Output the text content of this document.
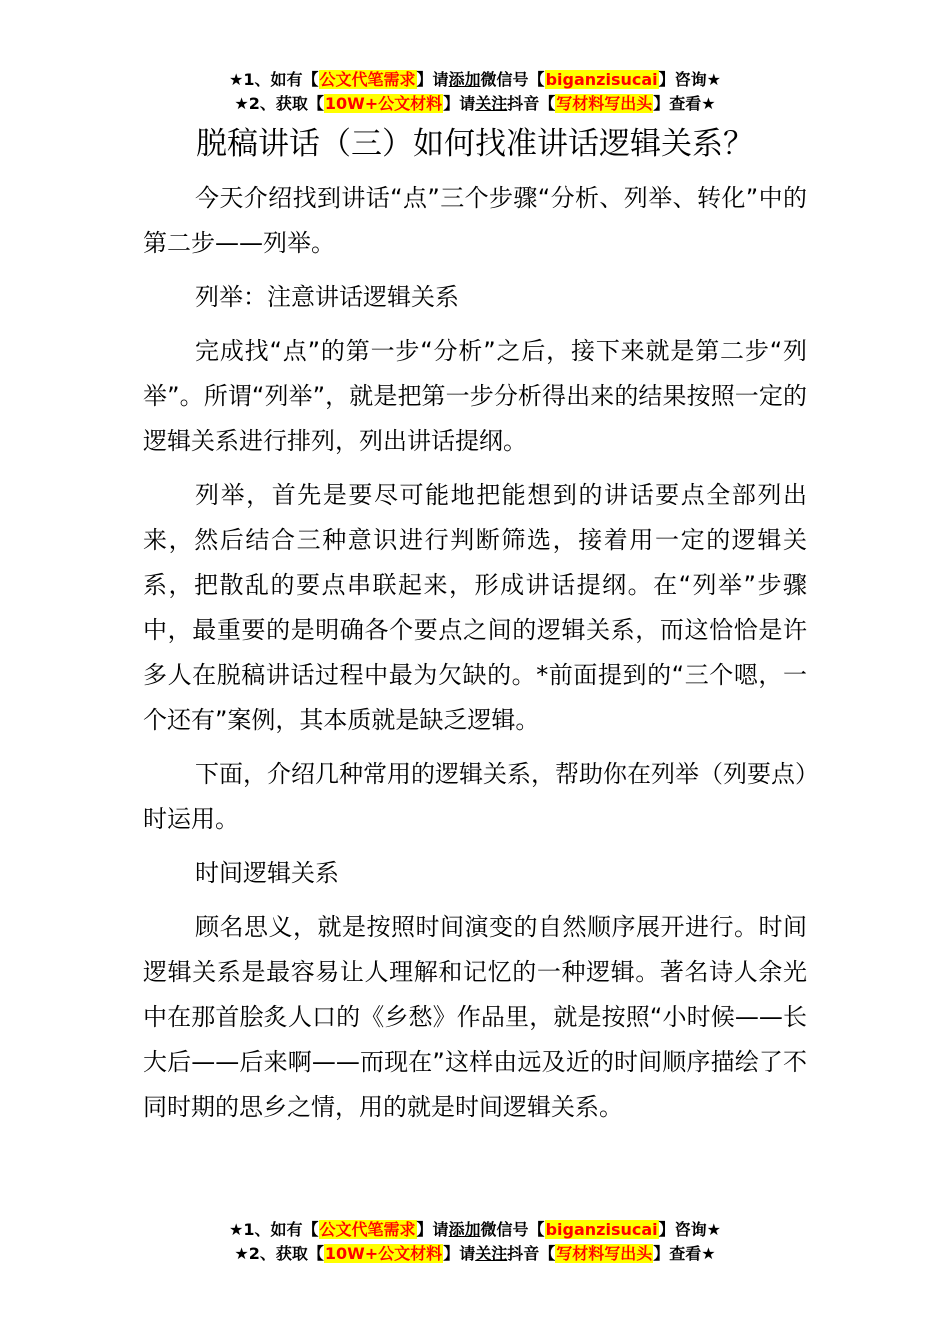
★1、如有【公文代笔需求】请添加微信号【biganzisucai】咨询★
★2、获取【10W+公文材料】请关注抖音【写材料写出头】查看★
脱稿讲话（三）如何找准讲话逻辑关系？

今天介绍找到讲话“点”三个步骤“分析、列举、转化”中的第二步——列举。

列举：注意讲话逻辑关系

完成找“点”的第一步“分析”之后，接下来就是第二步“列举”。所谓“列举”，就是把第一步分析得出来的结果按照一定的逻辑关系进行排列，列出讲话提纲。

列举，首先是要尽可能地把能想到的讲话要点全部列出来，然后结合三种意识进行判断筛选，接着用一定的逻辑关系，把散乱的要点串联起来，形成讲话提纲。在“列举”步骤中，最重要的是明确各个要点之间的逻辑关系，而这恰恰是许多人在脱稿讲话过程中最为欠缺的。*前面提到的“三个嗯，一个还有”案例，其本质就是缺乏逻辑。

下面，介绍几种常用的逻辑关系，帮助你在列举（列要点）时运用。

时间逻辑关系

顾名思义，就是按照时间演变的自然顺序展开进行。时间逻辑关系是最容易让人理解和记忆的一种逻辑。著名诗人余光中在那首脍炙人口的《乡愁》作品里，就是按照“小时候——长大后——后来啊——而现在”这样由远及近的时间顺序描绘了不同时期的思乡之情，用的就是时间逻辑关系。

★1、如有【公文代笔需求】请添加微信号【biganzisucai】咨询★
★2、获取【10W+公文材料】请关注抖音【写材料写出头】查看★
